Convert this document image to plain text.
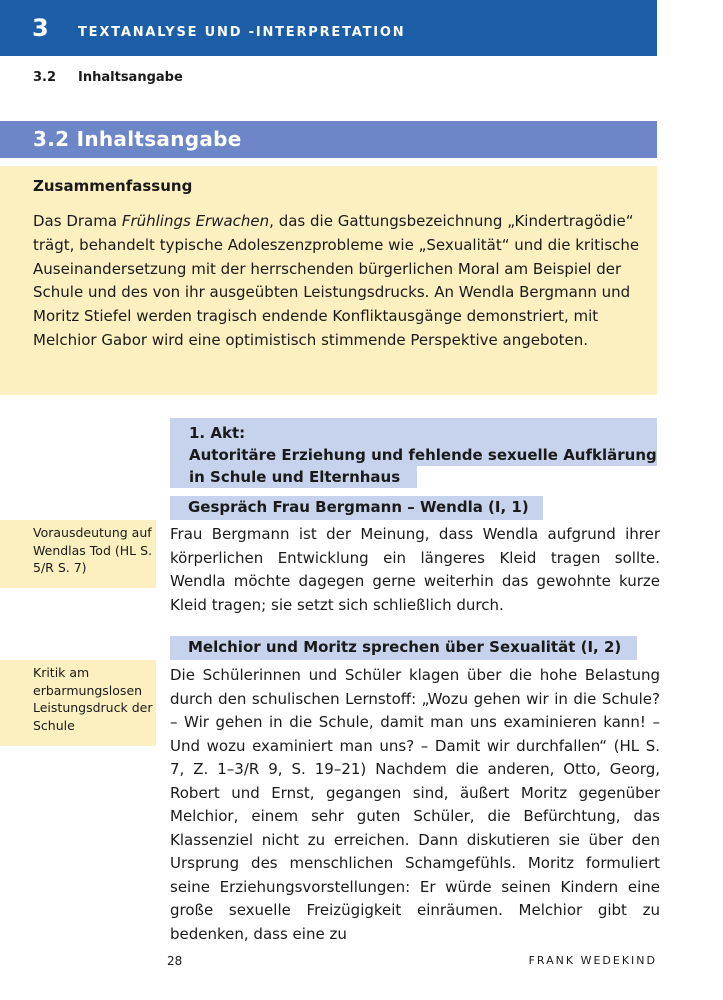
3 TEXTANALYSE UND -INTERPRETATION
3.2 Inhaltsangabe
3.2 Inhaltsangabe
Zusammenfassung
Das Drama Frühlings Erwachen, das die Gattungsbezeichnung „Kindertragödie“ trägt, behandelt typische Adoleszenzprobleme wie „Sexualität“ und die kritische Auseinandersetzung mit der herrschenden bürgerlichen Moral am Beispiel der Schule und des von ihr ausgeübten Leistungsdrucks. An Wendla Bergmann und Moritz Stiefel werden tragisch endende Konfliktausgänge demonstriert, mit Melchior Gabor wird eine optimistisch stimmende Perspektive angeboten.
1. Akt:
Autoritäre Erziehung und fehlende sexuelle Aufklärung
in Schule und Elternhaus
Gespräch Frau Bergmann – Wendla (I, 1)
Vorausdeutung auf Wendlas Tod (HL S. 5/R S. 7)
Frau Bergmann ist der Meinung, dass Wendla aufgrund ihrer körperlichen Entwicklung ein längeres Kleid tragen sollte. Wendla möchte dagegen gerne weiterhin das gewohnte kurze Kleid tragen; sie setzt sich schließlich durch.
Melchior und Moritz sprechen über Sexualität (I, 2)
Kritik am erbarmungslosen Leistungsdruck der Schule
Die Schülerinnen und Schüler klagen über die hohe Belastung durch den schulischen Lernstoff: „Wozu gehen wir in die Schule? – Wir gehen in die Schule, damit man uns examinieren kann! – Und wozu examiniert man uns? – Damit wir durchfallen“ (HL S. 7, Z. 1–3/R 9, S. 19–21) Nachdem die anderen, Otto, Georg, Robert und Ernst, gegangen sind, äußert Moritz gegenüber Melchior, einem sehr guten Schüler, die Befürchtung, das Klassenziel nicht zu erreichen. Dann diskutieren sie über den Ursprung des menschlichen Schamgefühls. Moritz formuliert seine Erziehungsvorstellungen: Er würde seinen Kindern eine große sexuelle Freizügigkeit einräumen. Melchior gibt zu bedenken, dass eine zu
28	FRANK WEDEKIND
